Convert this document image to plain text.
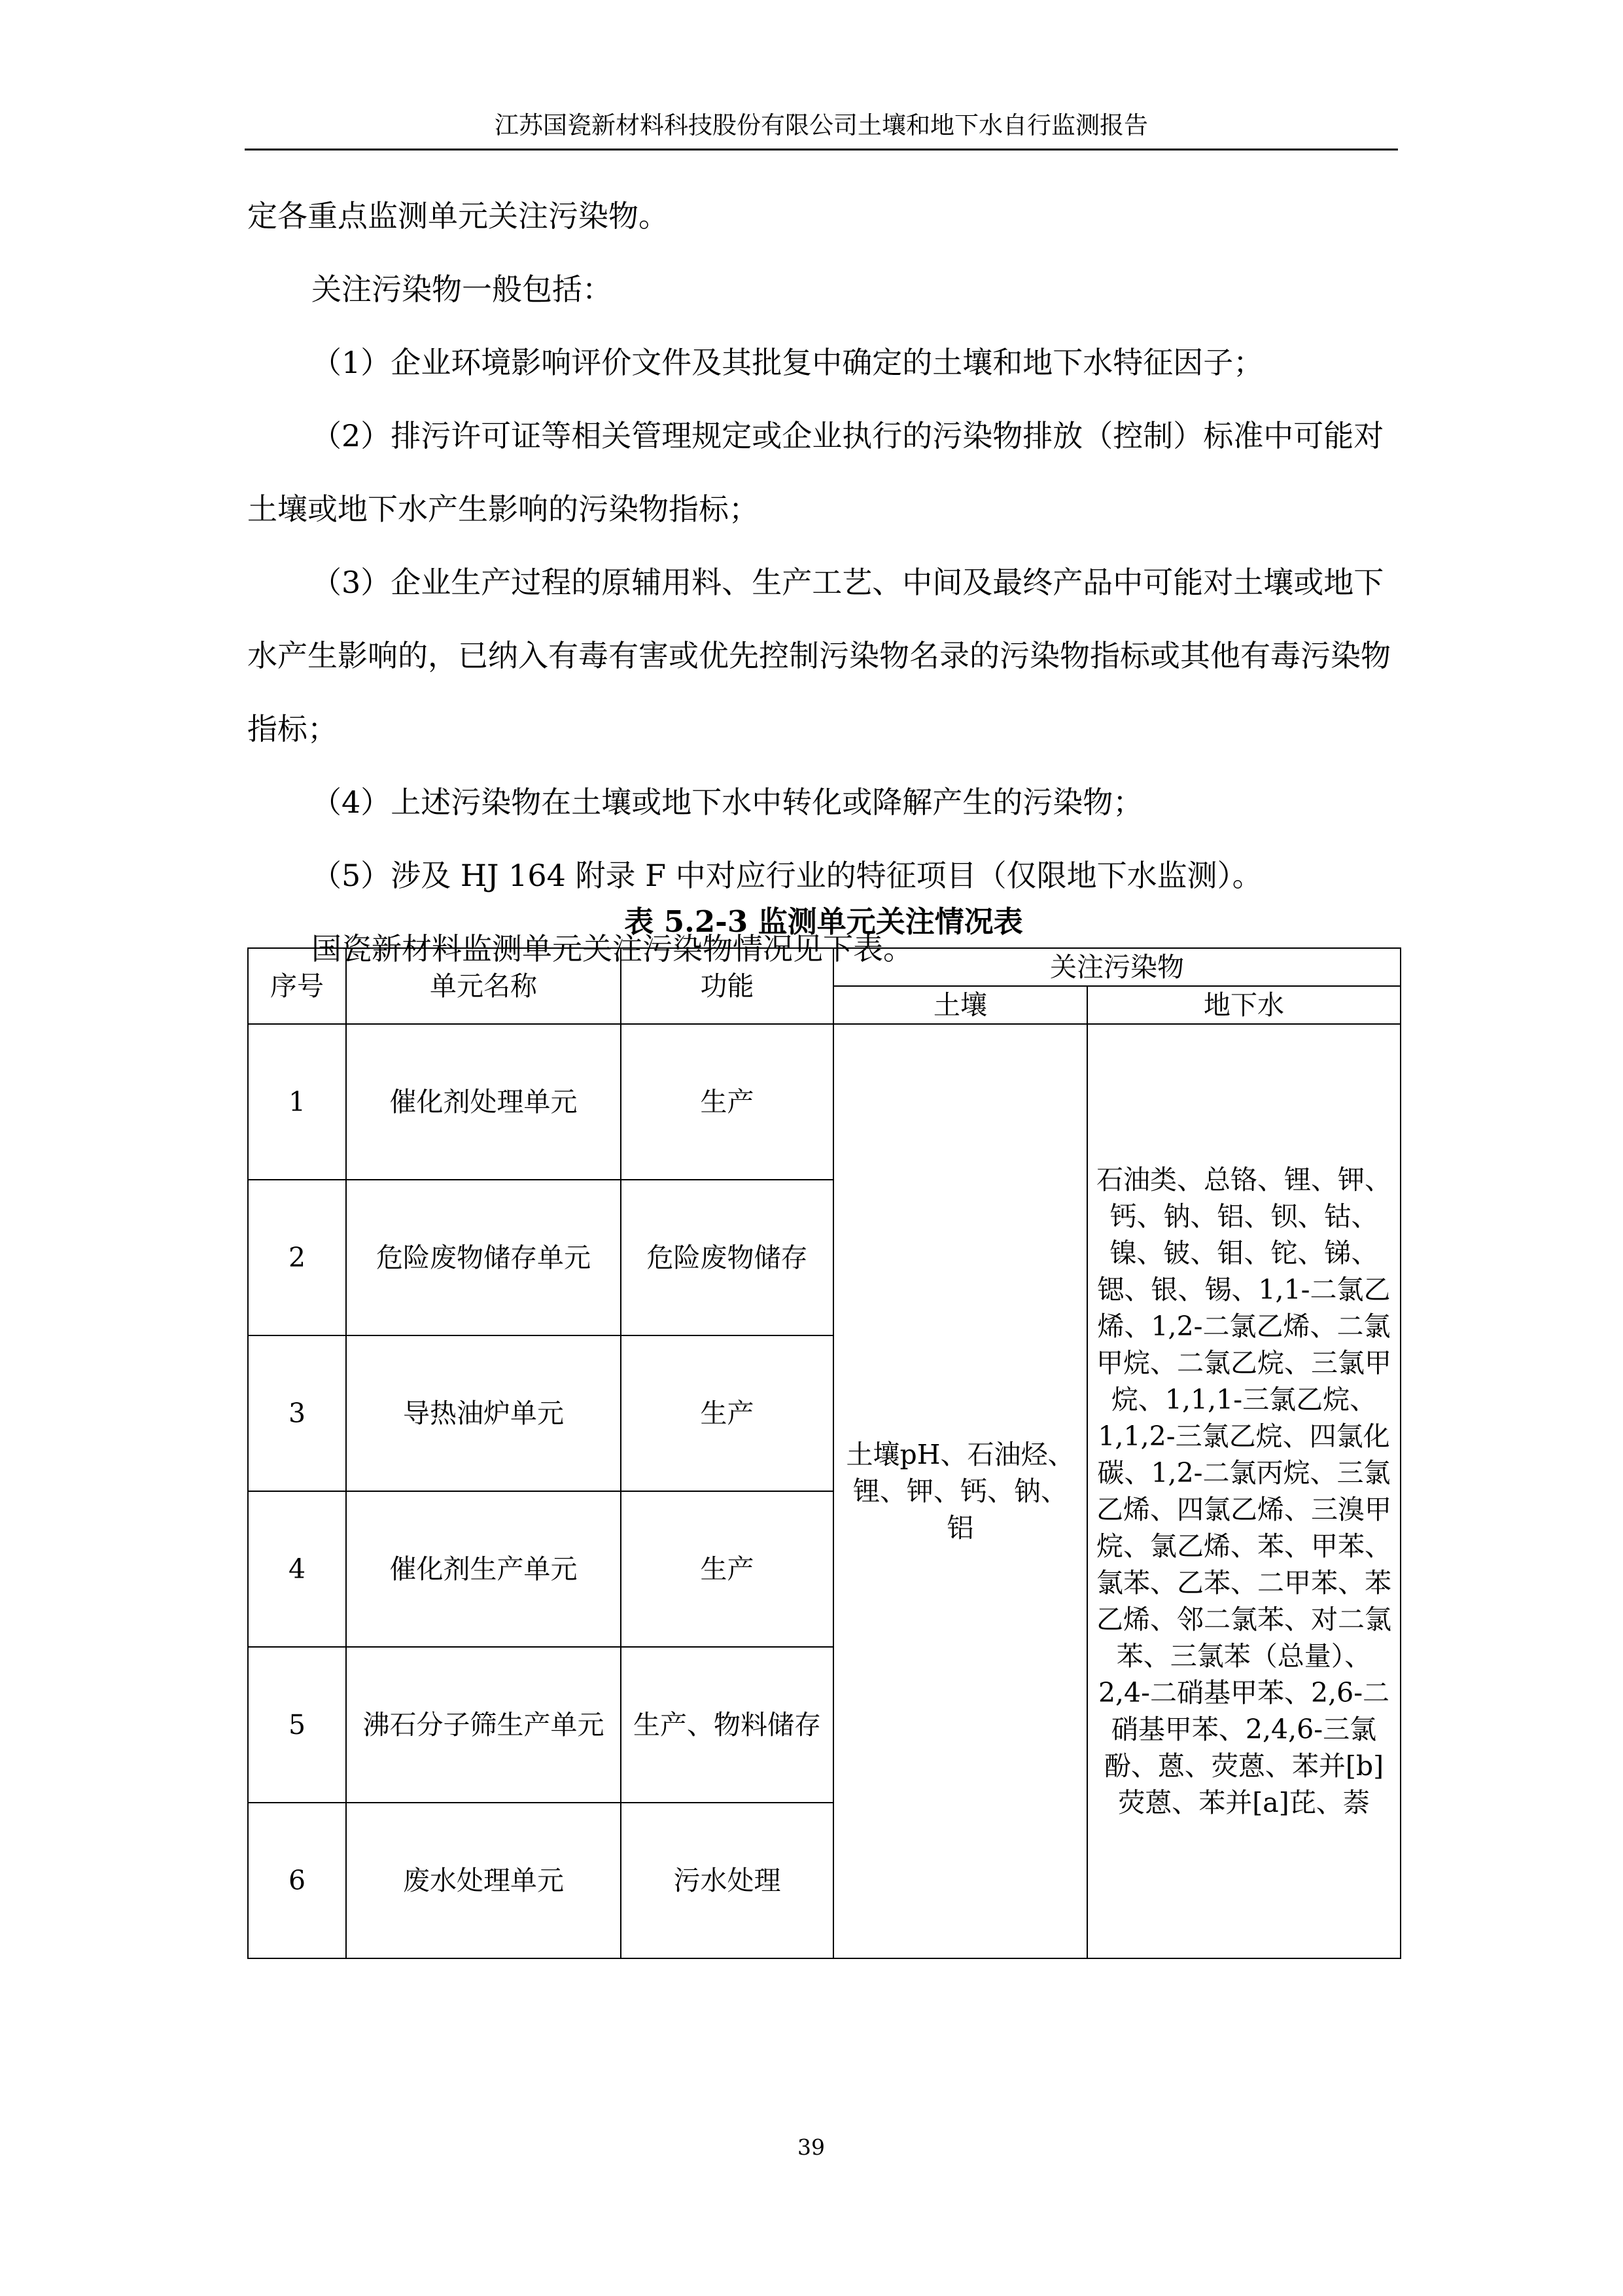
江苏国瓷新材料科技股份有限公司土壤和地下水自行监测报告

定各重点监测单元关注污染物。

关注污染物一般包括：

（1）企业环境影响评价文件及其批复中确定的土壤和地下水特征因子；

（2）排污许可证等相关管理规定或企业执行的污染物排放（控制）标准中可能对土壤或地下水产生影响的污染物指标；

（3）企业生产过程的原辅用料、生产工艺、中间及最终产品中可能对土壤或地下水产生影响的，已纳入有毒有害或优先控制污染物名录的污染物指标或其他有毒污染物指标；

（4）上述污染物在土壤或地下水中转化或降解产生的污染物；

（5）涉及 HJ 164 附录 F 中对应行业的特征项目（仅限地下水监测）。

国瓷新材料监测单元关注污染物情况见下表。

表 5.2-3 监测单元关注情况表
序号	单元名称	功能	关注污染物	
			土壤	地下水
1	催化剂处理单元	生产	土壤pH、石油烃、锂、钾、钙、钠、铝	石油类、总铬、锂、钾、钙、钠、铝、钡、钴、镍、铍、钼、铊、锑、锶、银、锡、1,1-二氯乙烯、1,2-二氯乙烯、二氯甲烷、二氯乙烷、三氯甲烷、1,1,1-三氯乙烷、1,1,2-三氯乙烷、四氯化碳、1,2-二氯丙烷、三氯乙烯、四氯乙烯、三溴甲烷、氯乙烯、苯、甲苯、氯苯、乙苯、二甲苯、苯乙烯、邻二氯苯、对二氯苯、三氯苯（总量）、2,4-二硝基甲苯、2,6-二硝基甲苯、2,4,6-三氯酚、蒽、荧蒽、苯并[b]荧蒽、苯并[a]芘、萘
2	危险废物储存单元	危险废物储存		
3	导热油炉单元	生产		
4	催化剂生产单元	生产		
5	沸石分子筛生产单元	生产、物料储存		
6	废水处理单元	污水处理		
39
